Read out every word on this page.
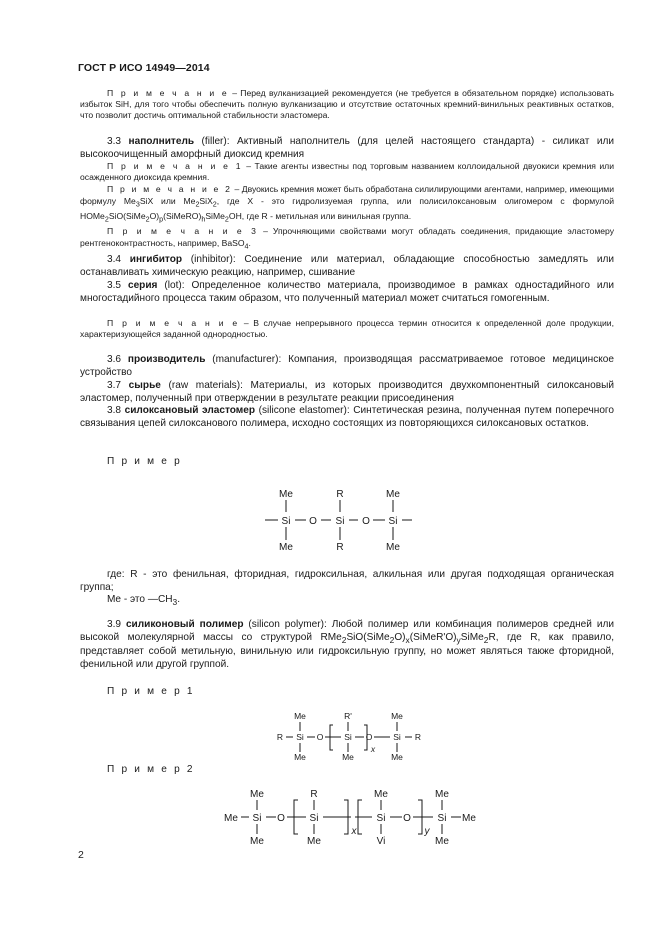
ГОСТ Р ИСО 14949—2014

П р и м е ч а н и е – Перед вулканизацией рекомендуется (не требуется в обязательном порядке) использовать избыток SiH, для того чтобы обеспечить полную вулканизацию и отсутствие остаточных кремний-винильных реактивных остатков, что позволит достичь оптимальной стабильности эластомера.

3.3 наполнитель (filler): Активный наполнитель (для целей настоящего стандарта) - силикат или высокоочищенный аморфный диоксид кремния

П р и м е ч а н и е 1 – Такие агенты известны под торговым названием коллоидальной двуокиси кремния или осажденного диоксида кремния.

П р и м е ч а н и е 2 – Двуокись кремния может быть обработана силилирующими агентами, например, имеющими формулу $Me_3SiX$ или $Me_2SiX_2$, где X - это гидролизуемая группа, или полисилоксановым олигомером с формулой $HOMe_2SiO(SiMe_2O)_p(SiMeRO)_hSiMe_2OH$, где R - метильная или винильная группа.

П р и м е ч а н и е 3 – Упрочняющими свойствами могут обладать соединения, придающие эластомеру рентгеноконтрастность, например, BaSO$_4$.

3.4 ингибитор (inhibitor): Соединение или материал, обладающие способностью замедлять или останавливать химическую реакцию, например, сшивание

3.5 серия (lot): Определенное количество материала, производимое в рамках одностадийного или многостадийного процесса таким образом, что полученный материал может считаться гомогенным.

П р и м е ч а н и е – В случае непрерывного процесса термин относится к определенной доле продукции, характеризующейся заданной однородностью.

3.6 производитель (manufacturer): Компания, производящая рассматриваемое готовое медицинское устройство

3.7 сырье (raw materials): Материалы, из которых производится двухкомпонентный силоксановый эластомер, полученный при отверждении в результате реакции присоединения

3.8 силоксановый эластомер (silicone elastomer): Синтетическая резина, полученная путем поперечного связывания цепей силоксанового полимера, исходно состоящих из повторяющихся силоксановых остатков.

П р и м е р

где: R - это фенильная, фторидная, гидроксильная, алкильная или другая подходящая органическая группа;

Me - это $—CH_3$.

3.9 силиконовый полимер (silicon polymer): Любой полимер или комбинация полимеров средней или высокой молекулярной массы со структурой $RMe_2SiO(SiMe_2O)_x(SiMeR'O)_ySiMe_2R$, где R, как правило, представляет собой метильную, винильную или гидроксильную группу, но может являться также фторидной, фенильной или другой группой.

П р и м е р 1

П р и м е р 2

Me	R	Me
Si O Si O Si
Me	R	Me
Me	R'	Me
R Si O Si O Si R
Me	Me	Me
x
Me	R	Me	Me
Me Si O Si	Si O	Si Me
Me	Me	Vi	Me
x	y
2
